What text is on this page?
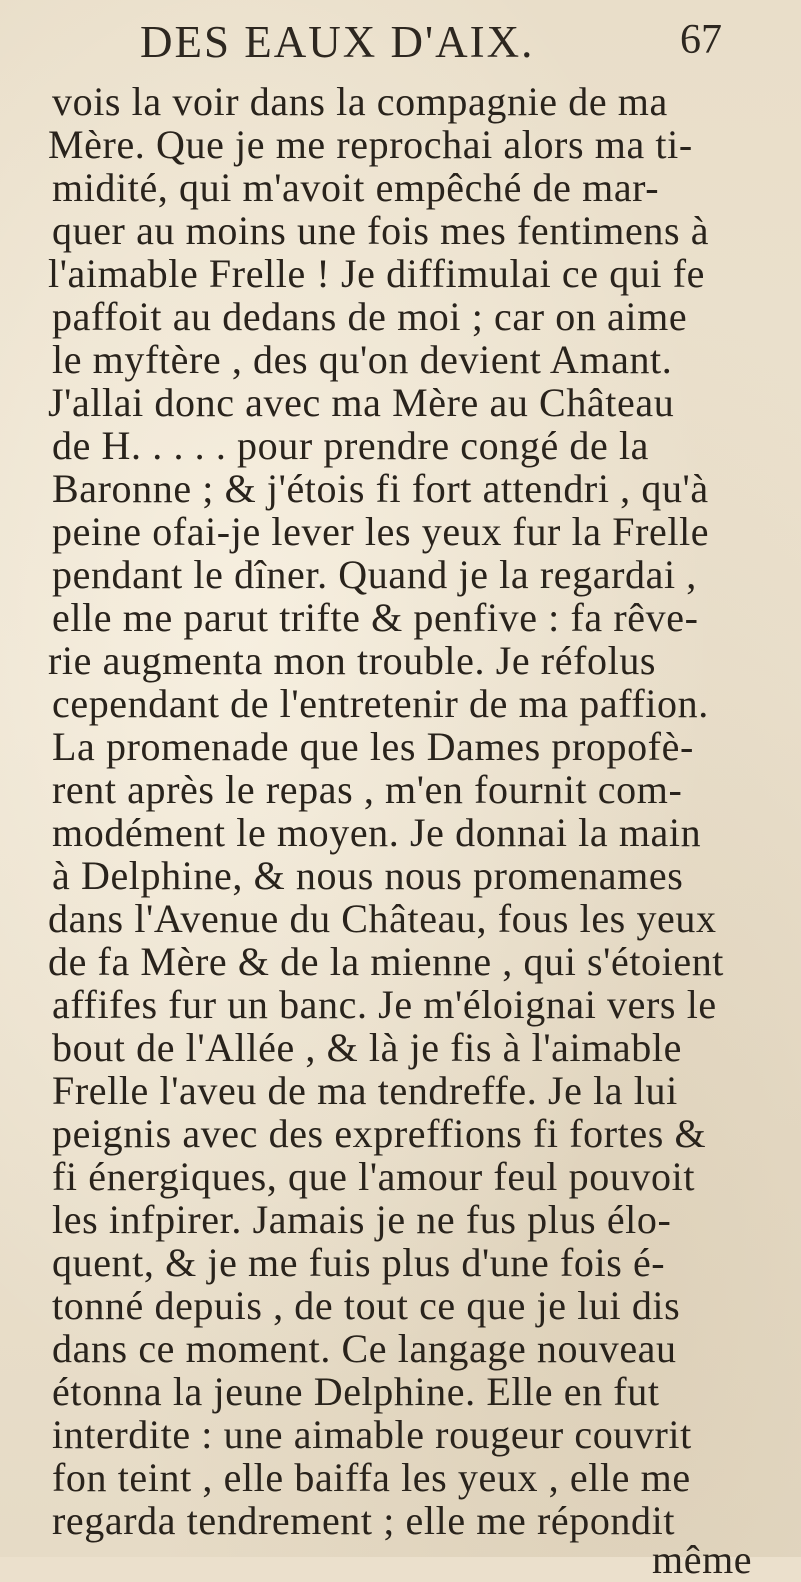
DES EAUX D'AIX.	67
vois la voir dans la compagnie de ma
Mère. Que je me reprochai alors ma ti-
midité, qui m'avoit empêché de mar-
quer au moins une fois mes fentimens à
l'aimable Frelle ! Je diffimulai ce qui fe
paffoit au dedans de moi ; car on aime
le myftère , des qu'on devient Amant.
J'allai donc avec ma Mère au Château
de H. . . . . pour prendre congé de la
Baronne ; & j'étois fi fort attendri , qu'à
peine ofai-je lever les yeux fur la Frelle
pendant le dîner. Quand je la regardai ,
elle me parut trifte & penfive : fa rêve-
rie augmenta mon trouble. Je réfolus
cependant de l'entretenir de ma paffion.
La promenade que les Dames propofè-
rent après le repas , m'en fournit com-
modément le moyen. Je donnai la main
à Delphine, & nous nous promenames
dans l'Avenue du Château, fous les yeux
de fa Mère & de la mienne , qui s'étoient
affifes fur un banc. Je m'éloignai vers le
bout de l'Allée , & là je fis à l'aimable
Frelle l'aveu de ma tendreffe. Je la lui
peignis avec des expreffions fi fortes &
fi énergiques, que l'amour feul pouvoit
les infpirer. Jamais je ne fus plus élo-
quent, & je me fuis plus d'une fois é-
tonné depuis , de tout ce que je lui dis
dans ce moment. Ce langage nouveau
étonna la jeune Delphine. Elle en fut
interdite : une aimable rougeur couvrit
fon teint , elle baiffa les yeux , elle me
regarda tendrement ; elle me répondit
même
